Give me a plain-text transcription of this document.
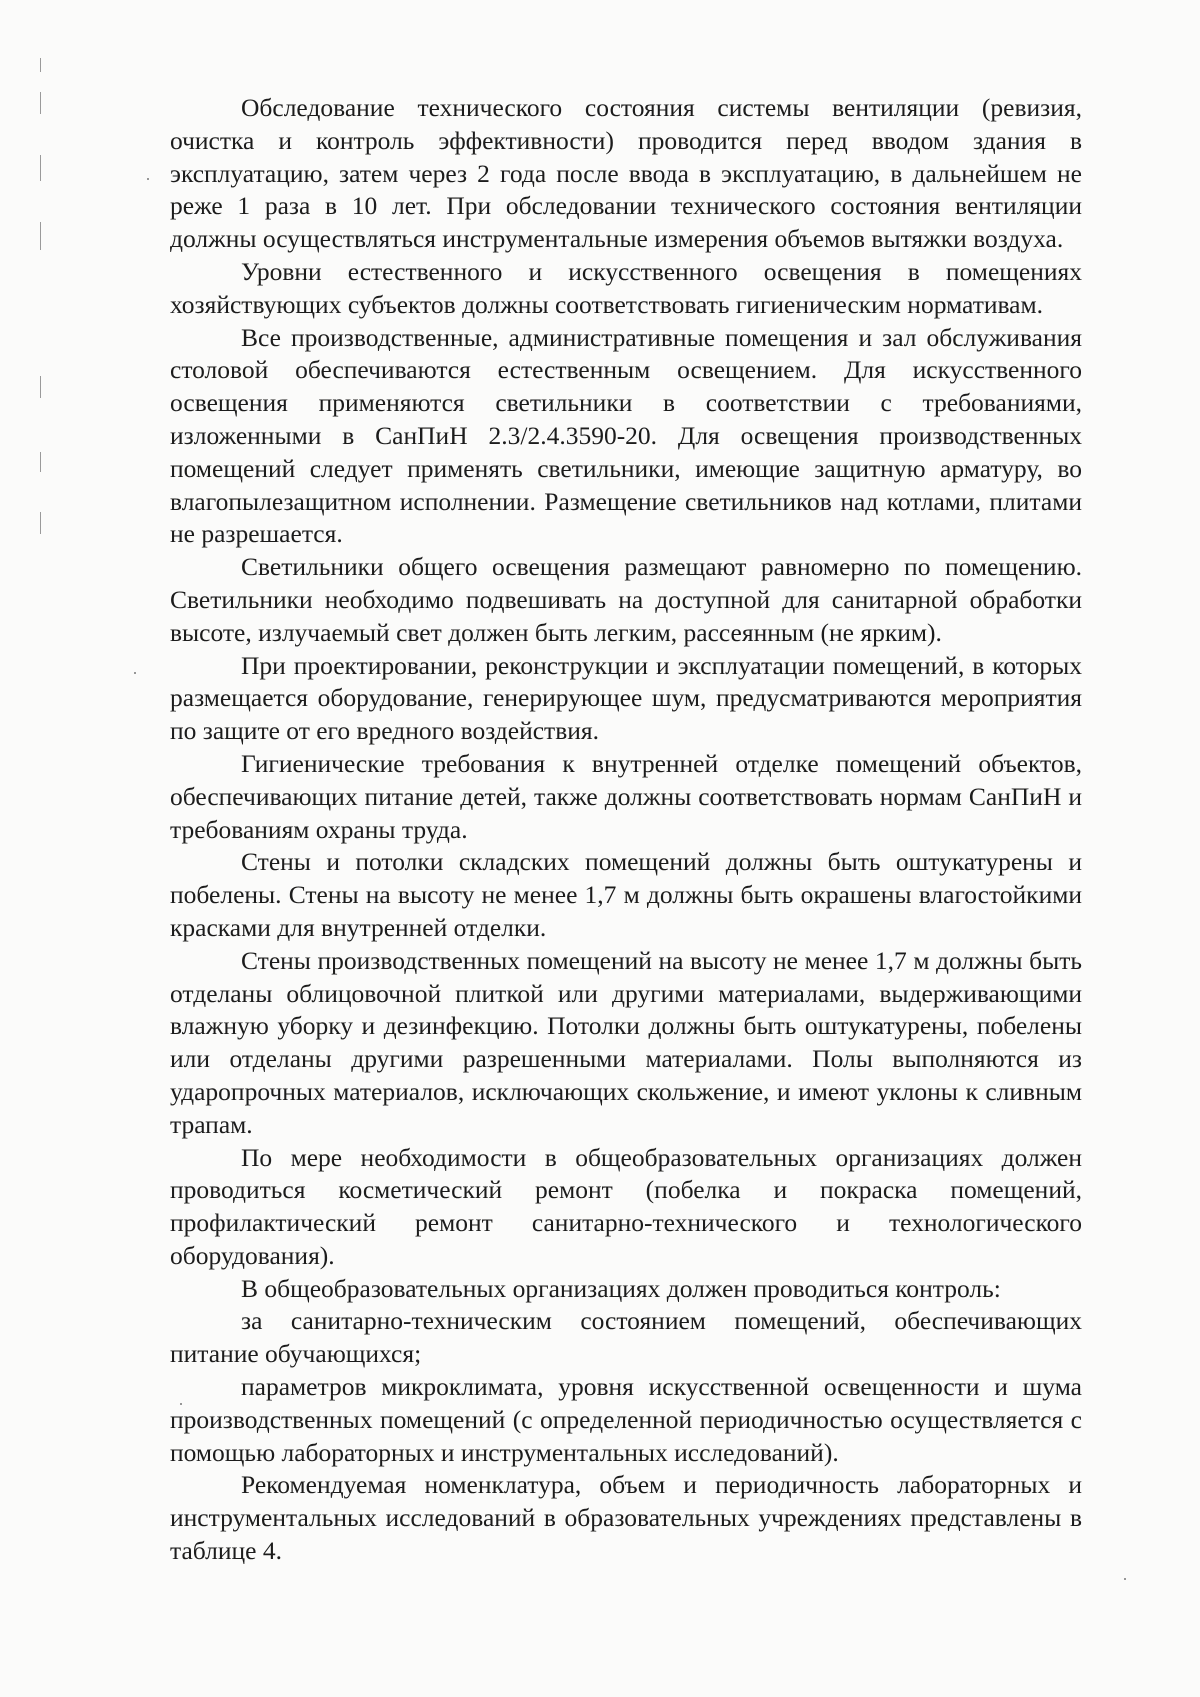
Обследование технического состояния системы вентиляции (ревизия, очистка и контроль эффективности) проводится перед вводом здания в эксплуатацию, затем через 2 года после ввода в эксплуатацию, в дальнейшем не реже 1 раза в 10 лет. При обследовании технического состояния вентиляции должны осуществляться инструментальные измерения объемов вытяжки воздуха.

Уровни естественного и искусственного освещения в помещениях хозяйствующих субъектов должны соответствовать гигиеническим нормативам.

Все производственные, административные помещения и зал обслуживания столовой обеспечиваются естественным освещением. Для искусственного освещения применяются светильники в соответствии с требованиями, изложенными в СанПиН 2.3/2.4.3590-20. Для освещения производственных помещений следует применять светильники, имеющие защитную арматуру, во влагопылезащитном исполнении. Размещение светильников над котлами, плитами не разрешается.

Светильники общего освещения размещают равномерно по помещению. Светильники необходимо подвешивать на доступной для санитарной обработки высоте, излучаемый свет должен быть легким, рассеянным (не ярким).

При проектировании, реконструкции и эксплуатации помещений, в которых размещается оборудование, генерирующее шум, предусматриваются мероприятия по защите от его вредного воздействия.

Гигиенические требования к внутренней отделке помещений объектов, обеспечивающих питание детей, также должны соответствовать нормам СанПиН и требованиям охраны труда.

Стены и потолки складских помещений должны быть оштукатурены и побелены. Стены на высоту не менее 1,7 м должны быть окрашены влагостойкими красками для внутренней отделки.

Стены производственных помещений на высоту не менее 1,7 м должны быть отделаны облицовочной плиткой или другими материалами, выдерживающими влажную уборку и дезинфекцию. Потолки должны быть оштукатурены, побелены или отделаны другими разрешенными материалами. Полы выполняются из ударопрочных материалов, исключающих скольжение, и имеют уклоны к сливным трапам.

По мере необходимости в общеобразовательных организациях должен проводиться косметический ремонт (побелка и покраска помещений, профилактический ремонт санитарно-технического и технологического оборудования).

В общеобразовательных организациях должен проводиться контроль:

за санитарно-техническим состоянием помещений, обеспечивающих питание обучающихся;

параметров микроклимата, уровня искусственной освещенности и шума производственных помещений (с определенной периодичностью осуществляется с помощью лабораторных и инструментальных исследований).

Рекомендуемая номенклатура, объем и периодичность лабораторных и инструментальных исследований в образовательных учреждениях представлены в таблице 4.
